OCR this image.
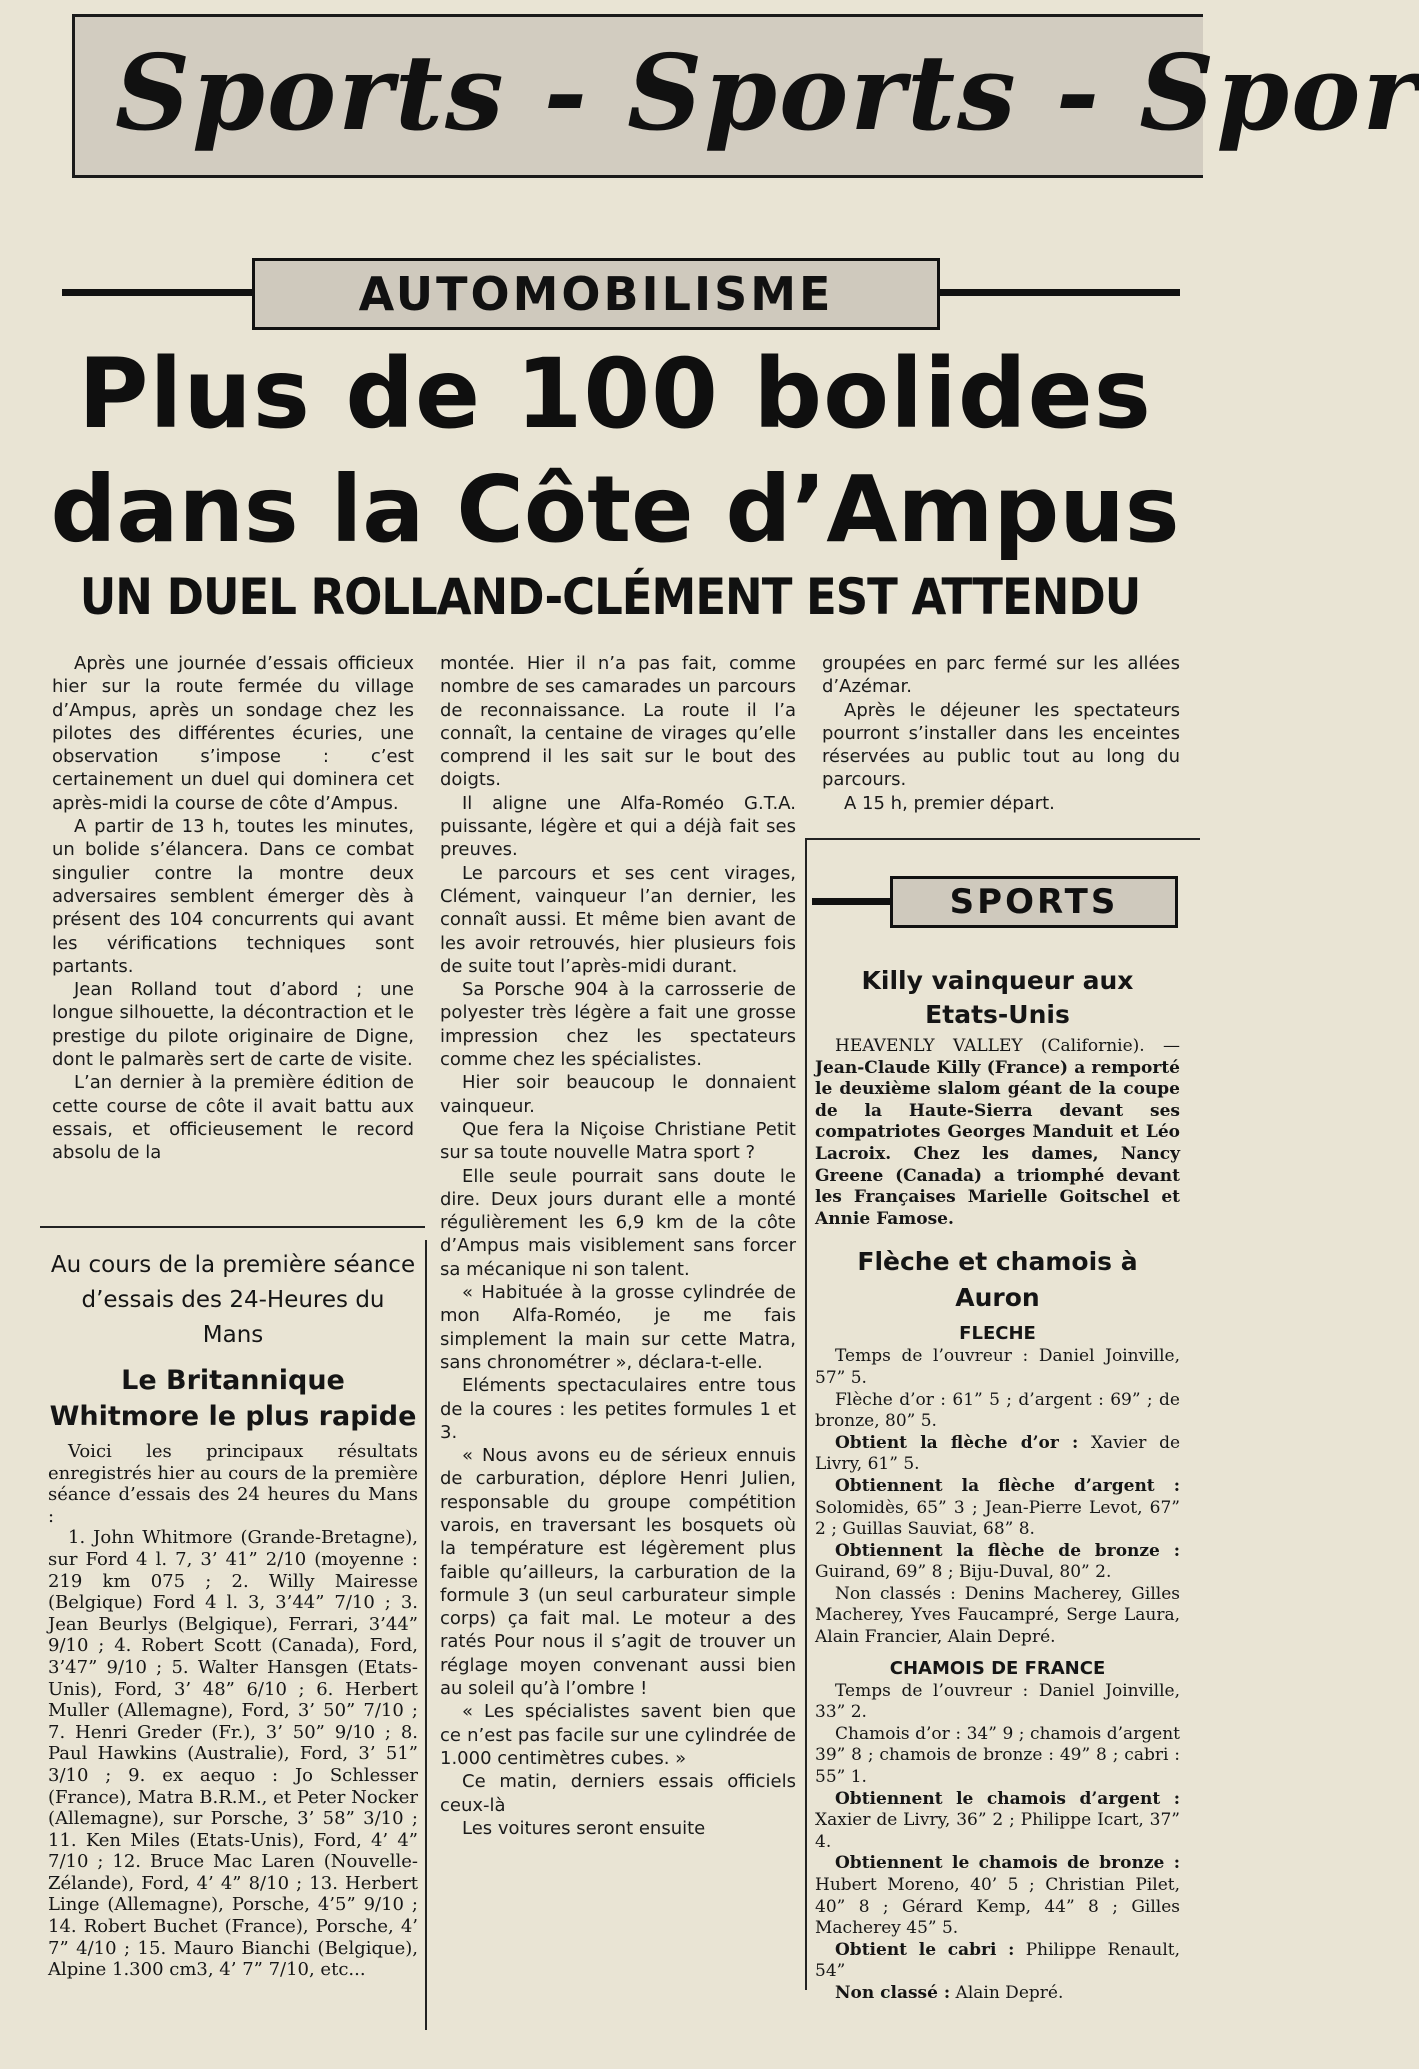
Sports - Sports - Spor
AUTOMOBILISME
Plus de 100 bolides
dans la Côte d’Ampus
UN DUEL ROLLAND-CLÉMENT EST ATTENDU

Après une journée d’essais officieux hier sur la route fermée du village d’Ampus, après un sondage chez les pilotes des différentes écuries, une observation s’impose : c’est certainement un duel qui dominera cet après-midi la course de côte d’Ampus.

A partir de 13 h, toutes les minutes, un bolide s’élancera. Dans ce combat singulier contre la montre deux adversaires semblent émerger dès à présent des 104 concurrents qui avant les vérifications techniques sont partants.

Jean Rolland tout d’abord ; une longue silhouette, la décontraction et le prestige du pilote originaire de Digne, dont le palmarès sert de carte de visite.

L’an dernier à la première édition de cette course de côte il avait battu aux essais, et officieusement le record absolu de la

montée. Hier il n’a pas fait, comme nombre de ses camarades un parcours de reconnaissance. La route il l’a connaît, la centaine de virages qu’elle comprend il les sait sur le bout des doigts.

Il aligne une Alfa-Roméo G.T.A. puissante, légère et qui a déjà fait ses preuves.

Le parcours et ses cent virages, Clément, vainqueur l’an dernier, les connaît aussi. Et même bien avant de les avoir retrouvés, hier plusieurs fois de suite tout l’après-midi durant.

Sa Porsche 904 à la carrosserie de polyester très légère a fait une grosse impression chez les spectateurs comme chez les spécialistes.

Hier soir beaucoup le donnaient vainqueur.

Que fera la Niçoise Christiane Petit sur sa toute nouvelle Matra sport ?

Elle seule pourrait sans doute le dire. Deux jours durant elle a monté régulièrement les 6,9 km de la côte d’Ampus mais visiblement sans forcer sa mécanique ni son talent.

« Habituée à la grosse cylindrée de mon Alfa-Roméo, je me fais simplement la main sur cette Matra, sans chronométrer », déclara-t-elle.

Eléments spectaculaires entre tous de la coures : les petites formules 1 et 3.

« Nous avons eu de sérieux ennuis de carburation, déplore Henri Julien, responsable du groupe compétition varois, en traversant les bosquets où la température est légèrement plus faible qu’ailleurs, la carburation de la formule 3 (un seul carburateur simple corps) ça fait mal. Le moteur a des ratés Pour nous il s’agit de trouver un réglage moyen convenant aussi bien au soleil qu’à l’ombre !

« Les spécialistes savent bien que ce n’est pas facile sur une cylindrée de 1.000 centimètres cubes. »

Ce matin, derniers essais officiels ceux-là

Les voitures seront ensuite

groupées en parc fermé sur les allées d’Azémar.

Après le déjeuner les spectateurs pourront s’installer dans les enceintes réservées au public tout au long du parcours.

A 15 h, premier départ.

Au cours de la première séance d’essais des 24-Heures du Mans
Le Britannique Whitmore le plus rapide

Voici les principaux résultats enregistrés hier au cours de la première séance d’essais des 24 heures du Mans :

1. John Whitmore (Grande-Bretagne), sur Ford 4 l. 7, 3’ 41” 2/10 (moyenne : 219 km 075 ; 2. Willy Mairesse (Belgique) Ford 4 l. 3, 3’44” 7/10 ; 3. Jean Beurlys (Belgique), Ferrari, 3’44” 9/10 ; 4. Robert Scott (Canada), Ford, 3’47” 9/10 ; 5. Walter Hansgen (Etats-Unis), Ford, 3’ 48” 6/10 ; 6. Herbert Muller (Allemagne), Ford, 3’ 50” 7/10 ; 7. Henri Greder (Fr.), 3’ 50” 9/10 ; 8. Paul Hawkins (Australie), Ford, 3’ 51” 3/10 ; 9. ex aequo : Jo Schlesser (France), Matra B.R.M., et Peter Nocker (Allemagne), sur Porsche, 3’ 58” 3/10 ; 11. Ken Miles (Etats-Unis), Ford, 4’ 4” 7/10 ; 12. Bruce Mac Laren (Nouvelle-Zélande), Ford, 4’ 4” 8/10 ; 13. Herbert Linge (Allemagne), Porsche, 4’5” 9/10 ; 14. Robert Buchet (France), Porsche, 4’ 7” 4/10 ; 15. Mauro Bianchi (Belgique), Alpine 1.300 cm3, 4’ 7” 7/10, etc...

SPORTS
Killy vainqueur aux Etats-Unis

HEAVENLY VALLEY (Californie). — Jean-Claude Killy (France) a remporté le deuxième slalom géant de la coupe de la Haute-Sierra devant ses compatriotes Georges Manduit et Léo Lacroix. Chez les dames, Nancy Greene (Canada) a triomphé devant les Françaises Marielle Goitschel et Annie Famose.

Flèche et chamois à Auron
FLECHE

Temps de l’ouvreur : Daniel Joinville, 57” 5.

Flèche d’or : 61” 5 ; d’argent : 69” ; de bronze, 80” 5.

Obtient la flèche d’or : Xavier de Livry, 61” 5.

Obtiennent la flèche d’argent : Solomidès, 65” 3 ; Jean-Pierre Levot, 67” 2 ; Guillas Sauviat, 68” 8.

Obtiennent la flèche de bronze : Guirand, 69” 8 ; Biju-Duval, 80” 2.

Non classés : Denins Macherey, Gilles Macherey, Yves Faucampré, Serge Laura, Alain Francier, Alain Depré.

CHAMOIS DE FRANCE

Temps de l’ouvreur : Daniel Joinville, 33” 2.

Chamois d’or : 34” 9 ; chamois d’argent 39” 8 ; chamois de bronze : 49” 8 ; cabri : 55” 1.

Obtiennent le chamois d’argent : Xaxier de Livry, 36” 2 ; Philippe Icart, 37” 4.

Obtiennent le chamois de bronze : Hubert Moreno, 40’ 5 ; Christian Pilet, 40” 8 ; Gérard Kemp, 44” 8 ; Gilles Macherey 45” 5.

Obtient le cabri : Philippe Renault, 54”

Non classé : Alain Depré.
